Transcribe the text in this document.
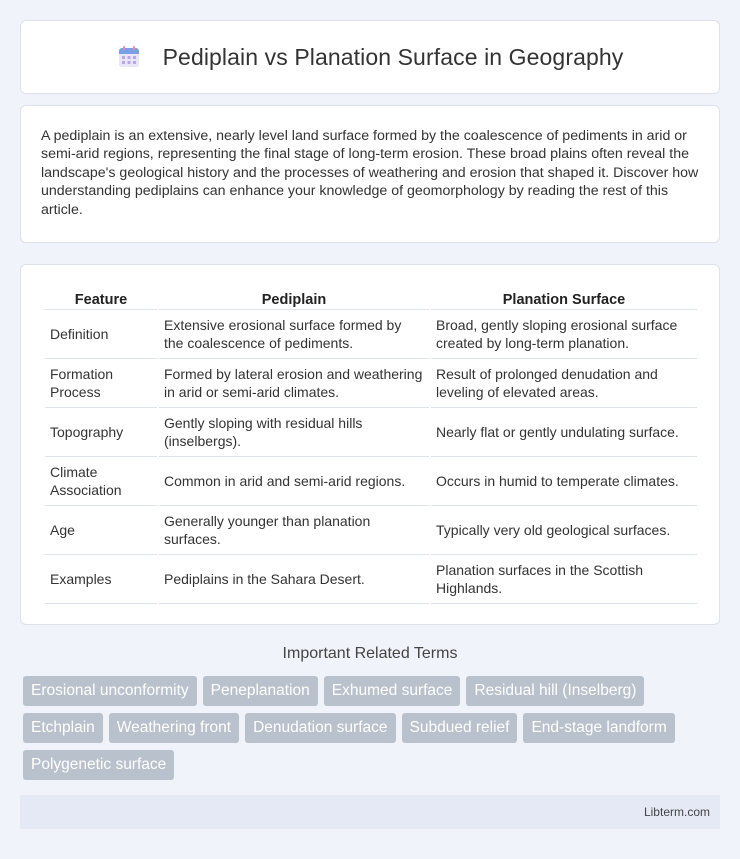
Pediplain vs Planation Surface in Geography

A pediplain is an extensive, nearly level land surface formed by the coalescence of pediments in arid or semi-arid regions, representing the final stage of long-term erosion. These broad plains often reveal the landscape's geological history and the processes of weathering and erosion that shaped it. Discover how understanding pediplains can enhance your knowledge of geomorphology by reading the rest of this article.

Feature	Pediplain	Planation Surface
Definition	Extensive erosional surface formed by the coalescence of pediments.	Broad, gently sloping erosional surface created by long-term planation.
Formation Process	Formed by lateral erosion and weathering in arid or semi-arid climates.	Result of prolonged denudation and leveling of elevated areas.
Topography	Gently sloping with residual hills (inselbergs).	Nearly flat or gently undulating surface.
Climate Association	Common in arid and semi-arid regions.	Occurs in humid to temperate climates.
Age	Generally younger than planation surfaces.	Typically very old geological surfaces.
Examples	Pediplains in the Sahara Desert.	Planation surfaces in the Scottish Highlands.
Important Related Terms
Erosional unconformity	Peneplanation	Exhumed surface	Residual hill (Inselberg)
Etchplain	Weathering front	Denudation surface	Subdued relief	End-stage landform
Polygenetic surface
Libterm.com
